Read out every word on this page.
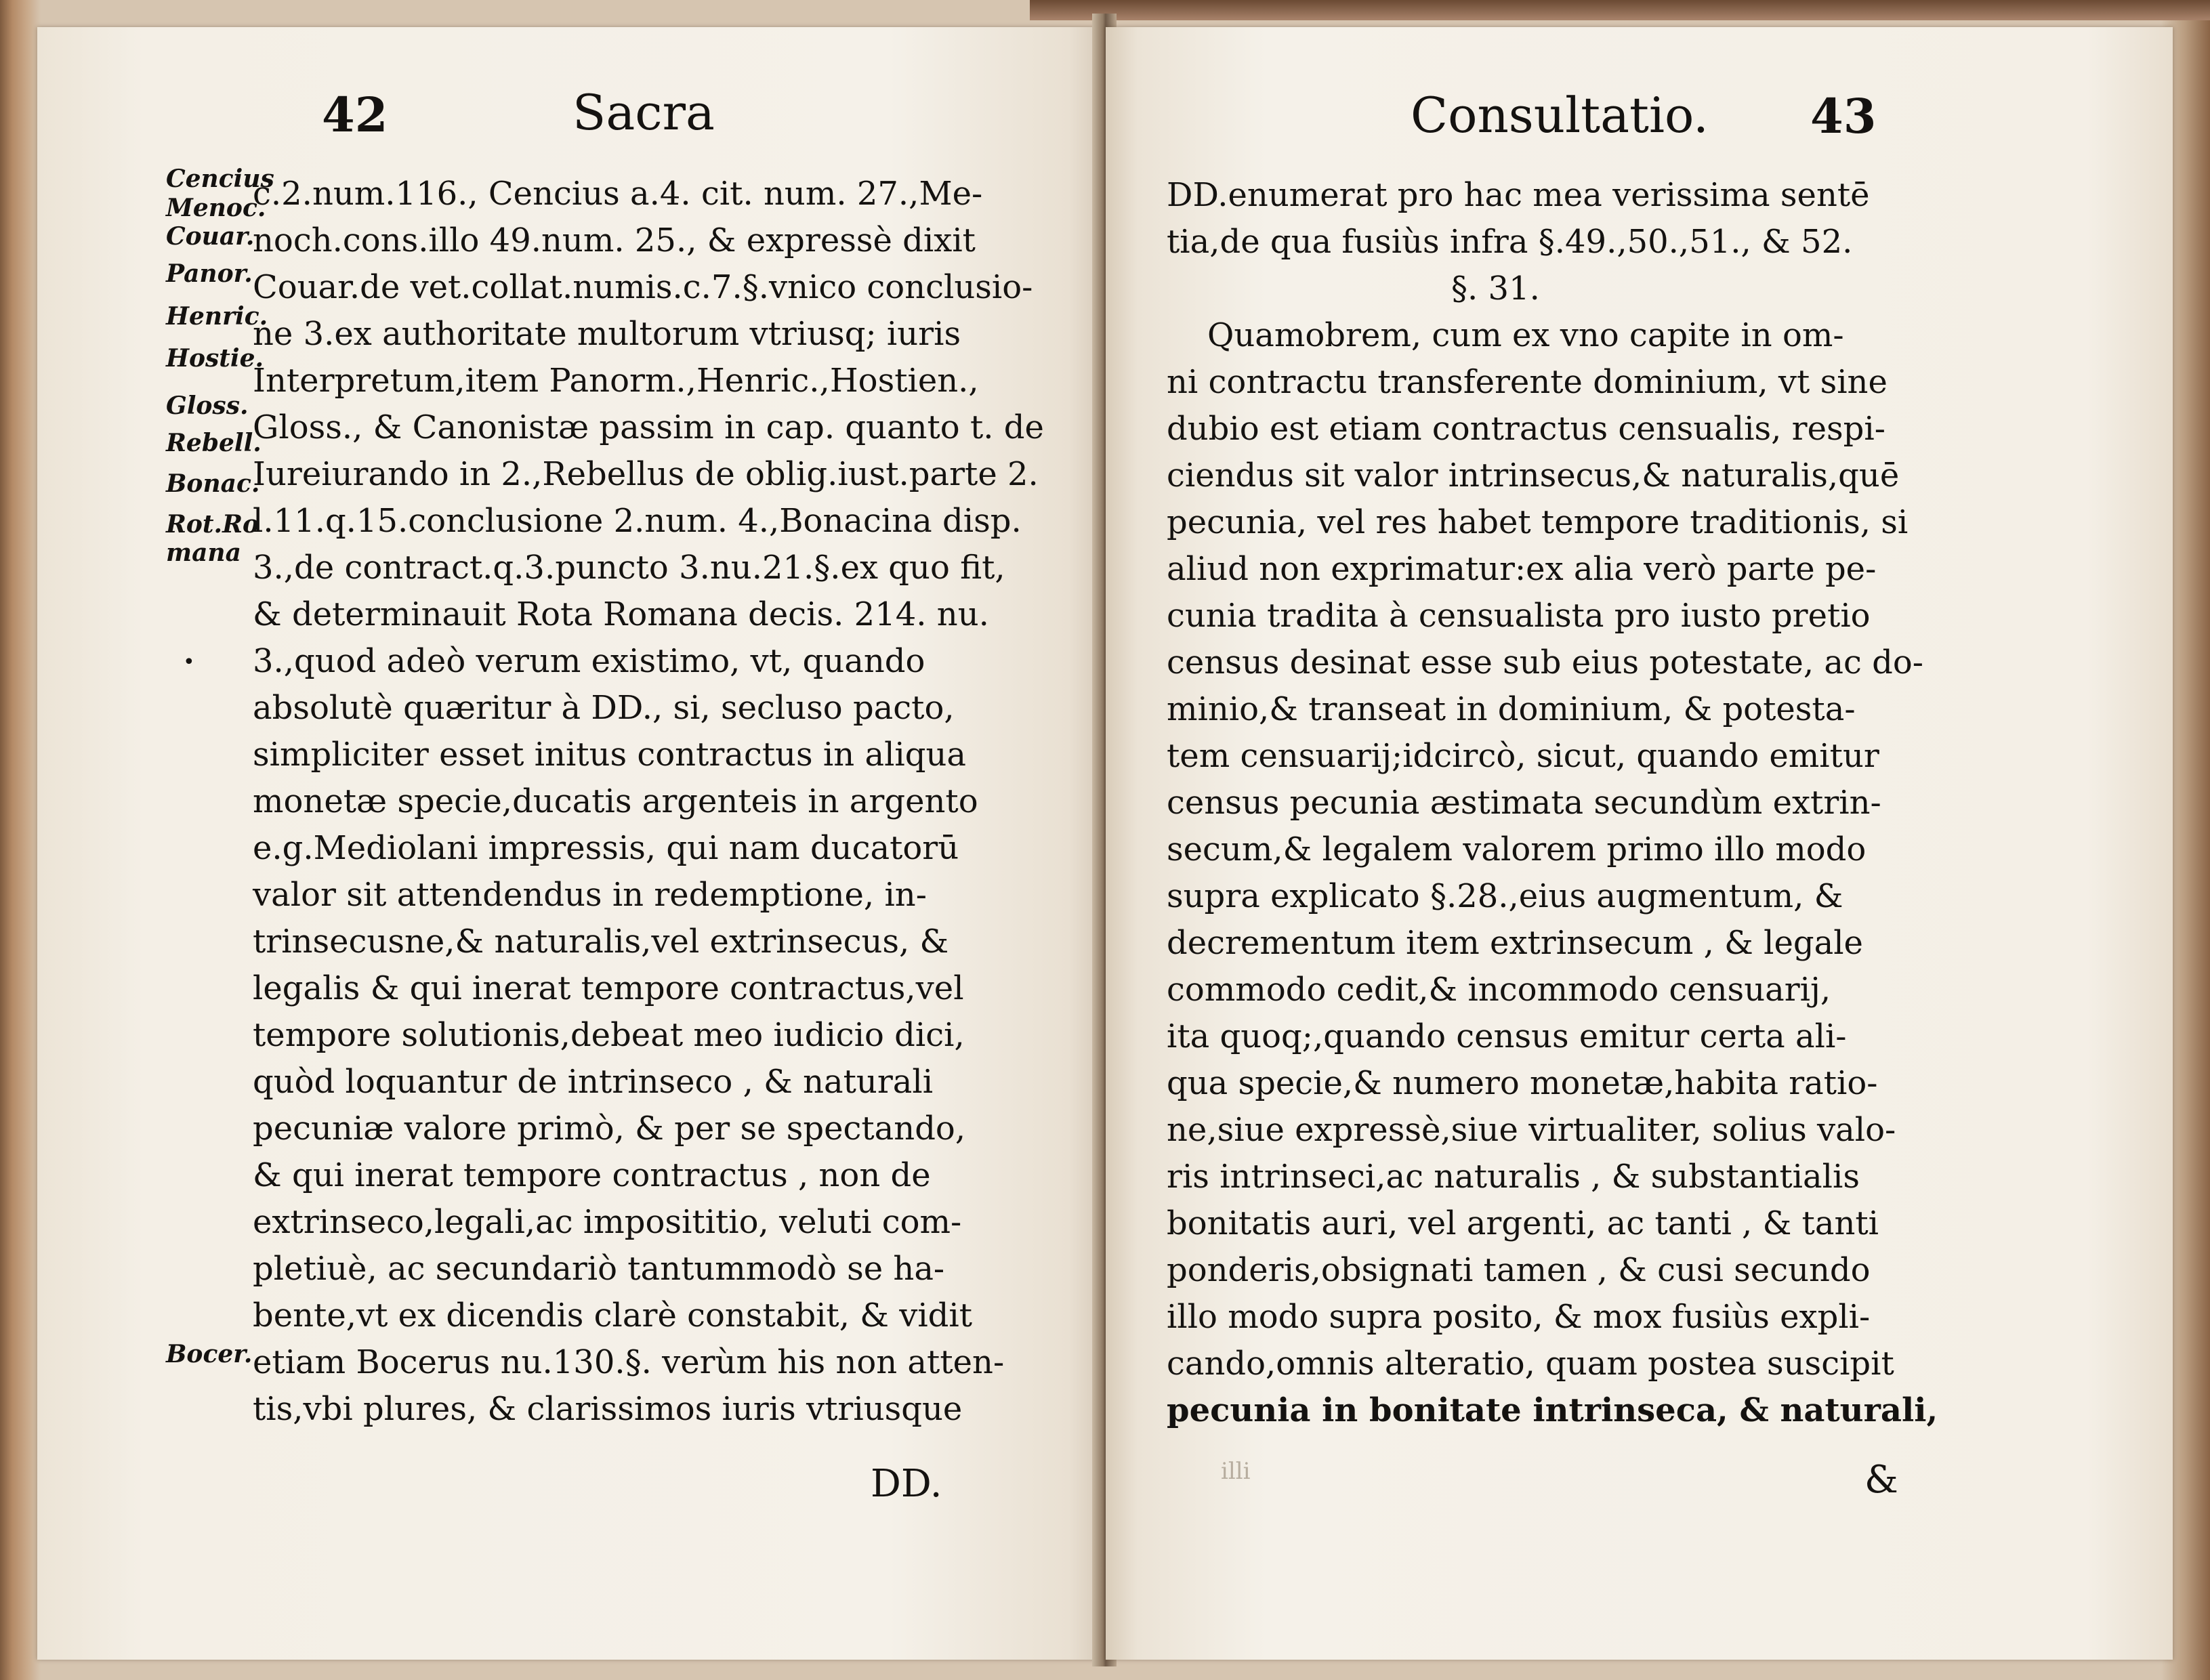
42	Sacra
Cencius
Menoc.
Couar.
Panor.
Henric.
Hostie.
Gloss.
Rebell.
Bonac.
Rot.Ro
mana
Bocer.
•
c.2.num.116., Cencius a.4. cit. num. 27.,Me-
noch.cons.illo 49.num. 25., & expressè dixit
Couar.de vet.collat.numis.c.7.§.vnico conclusio-
ne 3.ex authoritate multorum vtriusq; iuris
Interpretum,item Panorm.,Henric.,Hostien.,
Gloss., & Canonistæ passim in cap. quanto t. de
Iureiurando in 2.,Rebellus de oblig.iust.parte 2.
l.11.q.15.conclusione 2.num. 4.,Bonacina disp.
3.,de contract.q.3.puncto 3.nu.21.§.ex quo fit,
& determinauit Rota Romana decis. 214. nu.
3.,quod adeò verum existimo, vt, quando
absolutè quæritur à DD., si, secluso pacto,
simpliciter esset initus contractus in aliqua
monetæ specie,ducatis argenteis in argento
e.g.Mediolani impressis, qui nam ducatorū
valor sit attendendus in redemptione, in-
trinsecusne,& naturalis,vel extrinsecus, &
legalis & qui inerat tempore contractus,vel
tempore solutionis,debeat meo iudicio dici,
quòd loquantur de intrinseco , & naturali
pecuniæ valore primò, & per se spectando,
& qui inerat tempore contractus , non de
extrinseco,legali,ac imposititio, veluti com-
pletiuè, ac secundariò tantummodò se ha-
bente,vt ex dicendis clarè constabit, & vidit
etiam Bocerus nu.130.§. verùm his non atten-
tis,vbi plures, & clarissimos iuris vtriusque
DD.
Consultatio. 43
DD.enumerat pro hac mea verissima sentē
tia,de qua fusiùs infra §.49.,50.,51., & 52.
§. 31.
Quamobrem, cum ex vno capite in om-
ni contractu transferente dominium, vt sine
dubio est etiam contractus censualis, respi-
ciendus sit valor intrinsecus,& naturalis,quē
pecunia, vel res habet tempore traditionis, si
aliud non exprimatur:ex alia verò parte pe-
cunia tradita à censualista pro iusto pretio
census desinat esse sub eius potestate, ac do-
minio,& transeat in dominium, & potesta-
tem censuarij;idcircò, sicut, quando emitur
census pecunia æstimata secundùm extrin-
secum,& legalem valorem primo illo modo
supra explicato §.28.,eius augmentum, &
decrementum item extrinsecum , & legale
commodo cedit,& incommodo censuarij,
ita quoq;,quando census emitur certa ali-
qua specie,& numero monetæ,habita ratio-
ne,siue expressè,siue virtualiter, solius valo-
ris intrinseci,ac naturalis , & substantialis
bonitatis auri, vel argenti, ac tanti , & tanti
ponderis,obsignati tamen , & cusi secundo
illo modo supra posito, & mox fusiùs expli-
cando,omnis alteratio, quam postea suscipit
pecunia in bonitate intrinseca, & naturali,
illi	&
